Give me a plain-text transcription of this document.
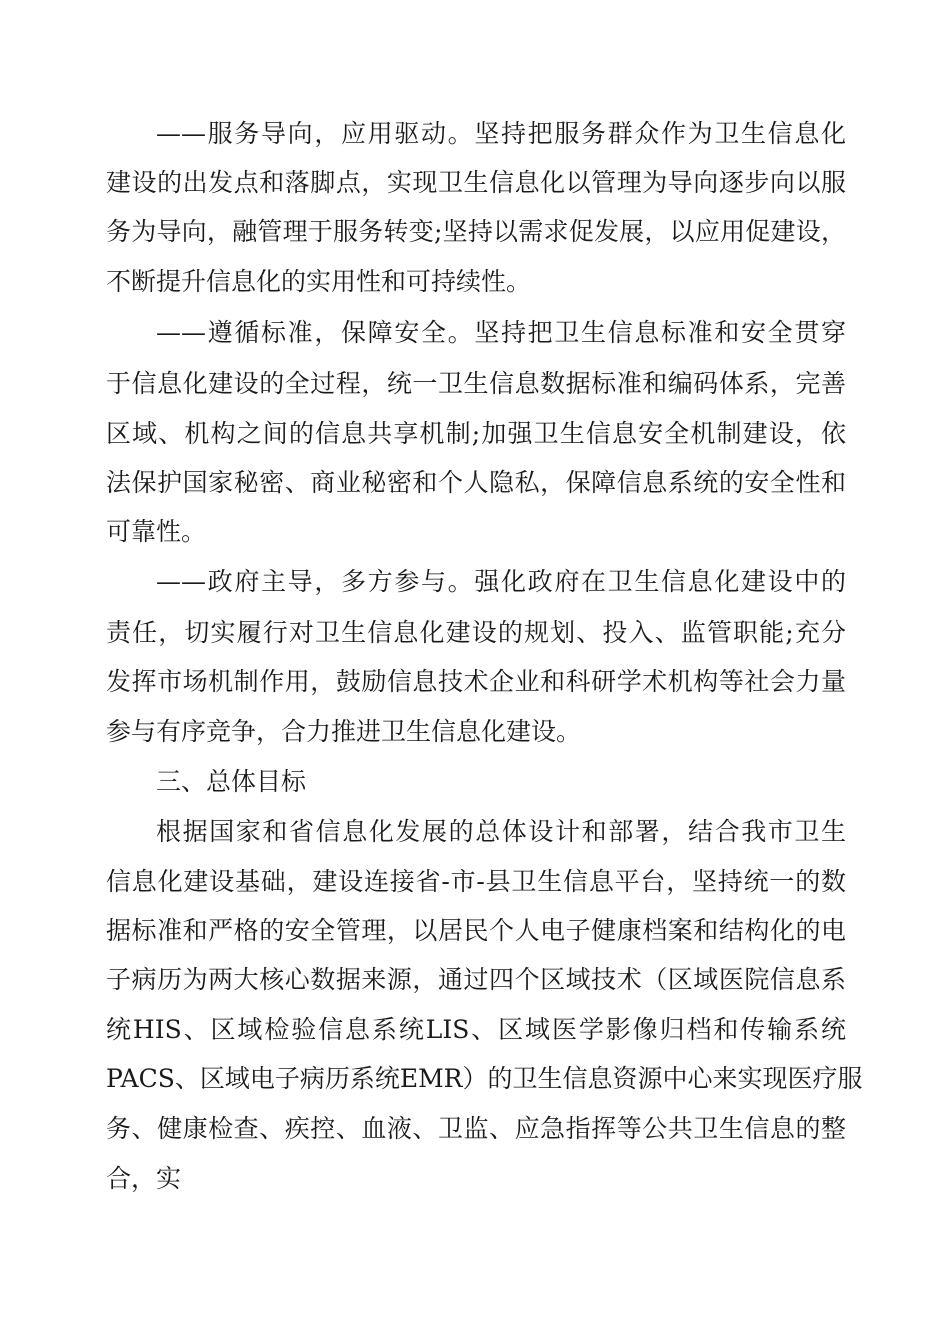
——服务导向，应用驱动。坚持把服务群众作为卫生信息化
建设的出发点和落脚点，实现卫生信息化以管理为导向逐步向以服
务为导向，融管理于服务转变;坚持以需求促发展，以应用促建设，
不断提升信息化的实用性和可持续性。
——遵循标准，保障安全。坚持把卫生信息标准和安全贯穿
于信息化建设的全过程，统一卫生信息数据标准和编码体系，完善
区域、机构之间的信息共享机制;加强卫生信息安全机制建设，依
法保护国家秘密、商业秘密和个人隐私，保障信息系统的安全性和
可靠性。
——政府主导，多方参与。强化政府在卫生信息化建设中的
责任，切实履行对卫生信息化建设的规划、投入、监管职能;充分
发挥市场机制作用，鼓励信息技术企业和科研学术机构等社会力量
参与有序竞争，合力推进卫生信息化建设。
三、总体目标
根据国家和省信息化发展的总体设计和部署，结合我市卫生
信息化建设基础，建设连接省-市-县卫生信息平台，坚持统一的数
据标准和严格的安全管理，以居民个人电子健康档案和结构化的电
子病历为两大核心数据来源，通过四个区域技术（区域医院信息系
统HIS、区域检验信息系统LIS、区域医学影像归档和传输系统
PACS、区域电子病历系统EMR）的卫生信息资源中心来实现医疗服
务、健康检查、疾控、血液、卫监、应急指挥等公共卫生信息的整
合，实
